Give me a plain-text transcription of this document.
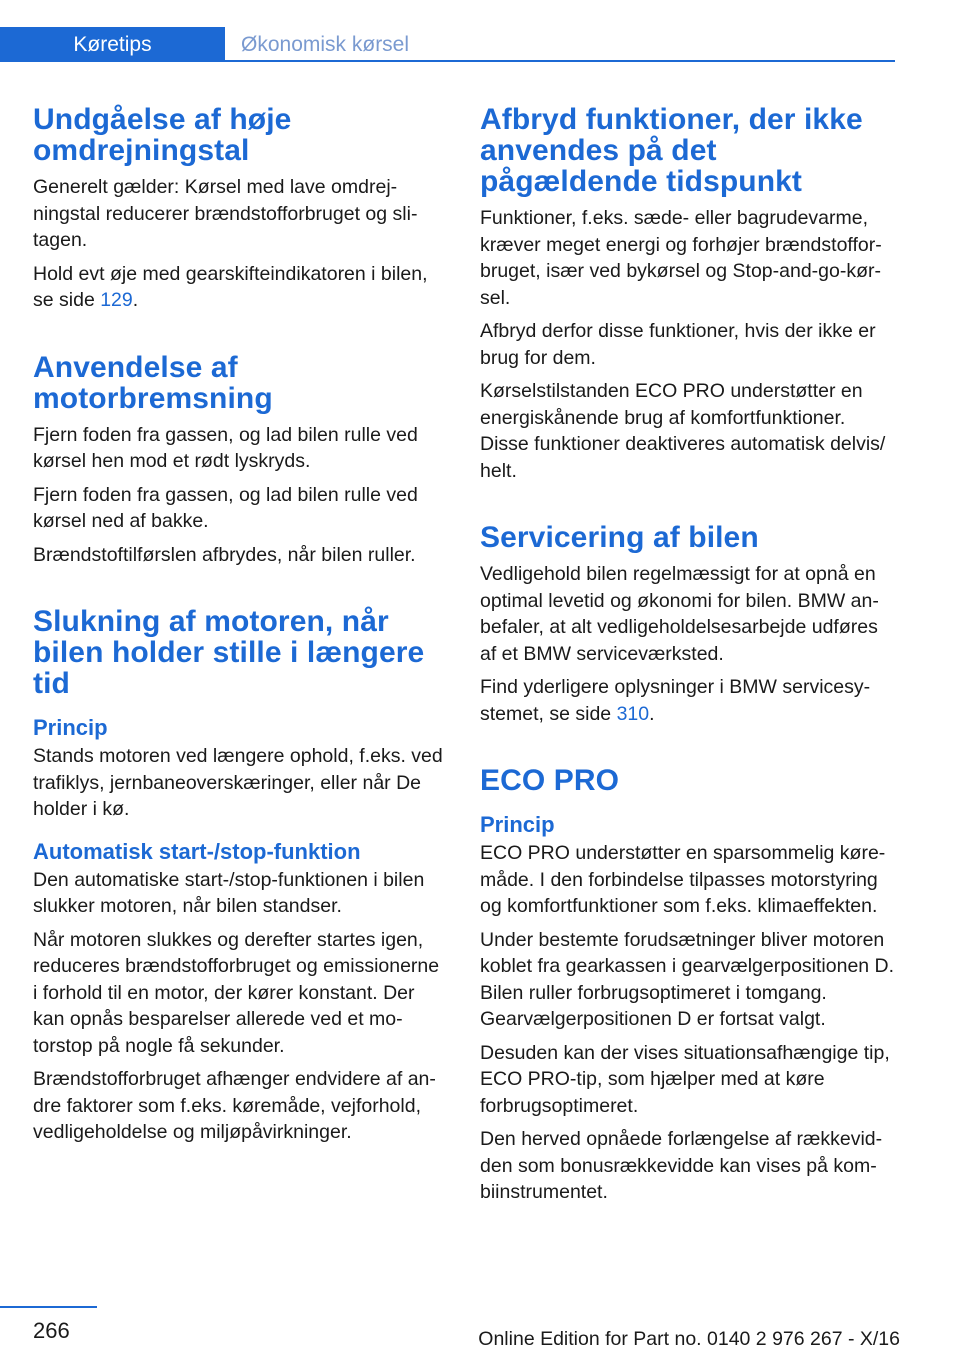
Køretips	Økonomisk kørsel
Undgåelse af høje omdrejningstal

Generelt gælder: Kørsel med lave omdrejningstal reducerer brændstofforbruget og slitagen.

Hold evt øje med gearskifteindikatoren i bilen, se side 129.

Anvendelse af motorbremsning

Fjern foden fra gassen, og lad bilen rulle ved kørsel hen mod et rødt lyskryds.

Fjern foden fra gassen, og lad bilen rulle ved kørsel ned af bakke.

Brændstoftilførslen afbrydes, når bilen ruller.

Slukning af motoren, når bilen holder stille i længere tid
Princip

Stands motoren ved længere ophold, f.eks. ved trafiklys, jernbaneoverskæringer, eller når De holder i kø.

Automatisk start-/stop-funktion

Den automatiske start-/stop-funktionen i bilen slukker motoren, når bilen standser.

Når motoren slukkes og derefter startes igen, reduceres brændstofforbruget og emissionerne i forhold til en motor, der kører konstant. Der kan opnås besparelser allerede ved et motorstop på nogle få sekunder.

Brændstofforbruget afhænger endvidere af andre faktorer som f.eks. køremåde, vejforhold, vedligeholdelse og miljøpåvirkninger.

Afbryd funktioner, der ikke anvendes på det pågældende tidspunkt

Funktioner, f.eks. sæde- eller bagrudevarme, kræver meget energi og forhøjer brændstofforbruget, især ved bykørsel og Stop-and-go-kørsel.

Afbryd derfor disse funktioner, hvis der ikke er brug for dem.

Kørselstilstanden ECO PRO understøtter en energiskånende brug af komfortfunktioner. Disse funktioner deaktiveres automatisk delvis/ helt.

Servicering af bilen

Vedligehold bilen regelmæssigt for at opnå en optimal levetid og økonomi for bilen. BMW anbefaler, at alt vedligeholdelsesarbejde udføres af et BMW serviceværksted.

Find yderligere oplysninger i BMW servicesystemet, se side 310.

ECO PRO
Princip

ECO PRO understøtter en sparsommelig køremåde. I den forbindelse tilpasses motorstyring og komfortfunktioner som f.eks. klimaeffekten.

Under bestemte forudsætninger bliver motoren koblet fra gearkassen i gearvælgerpositionen D. Bilen ruller forbrugsoptimeret i tomgang. Gearvælgerpositionen D er fortsat valgt.

Desuden kan der vises situationsafhængige tip, ECO PRO-tip, som hjælper med at køre forbrugsoptimeret.

Den herved opnåede forlængelse af rækkevidden som bonusrækkevidde kan vises på kombiinstrumentet.

266	Online Edition for Part no. 0140 2 976 267 - X/16
